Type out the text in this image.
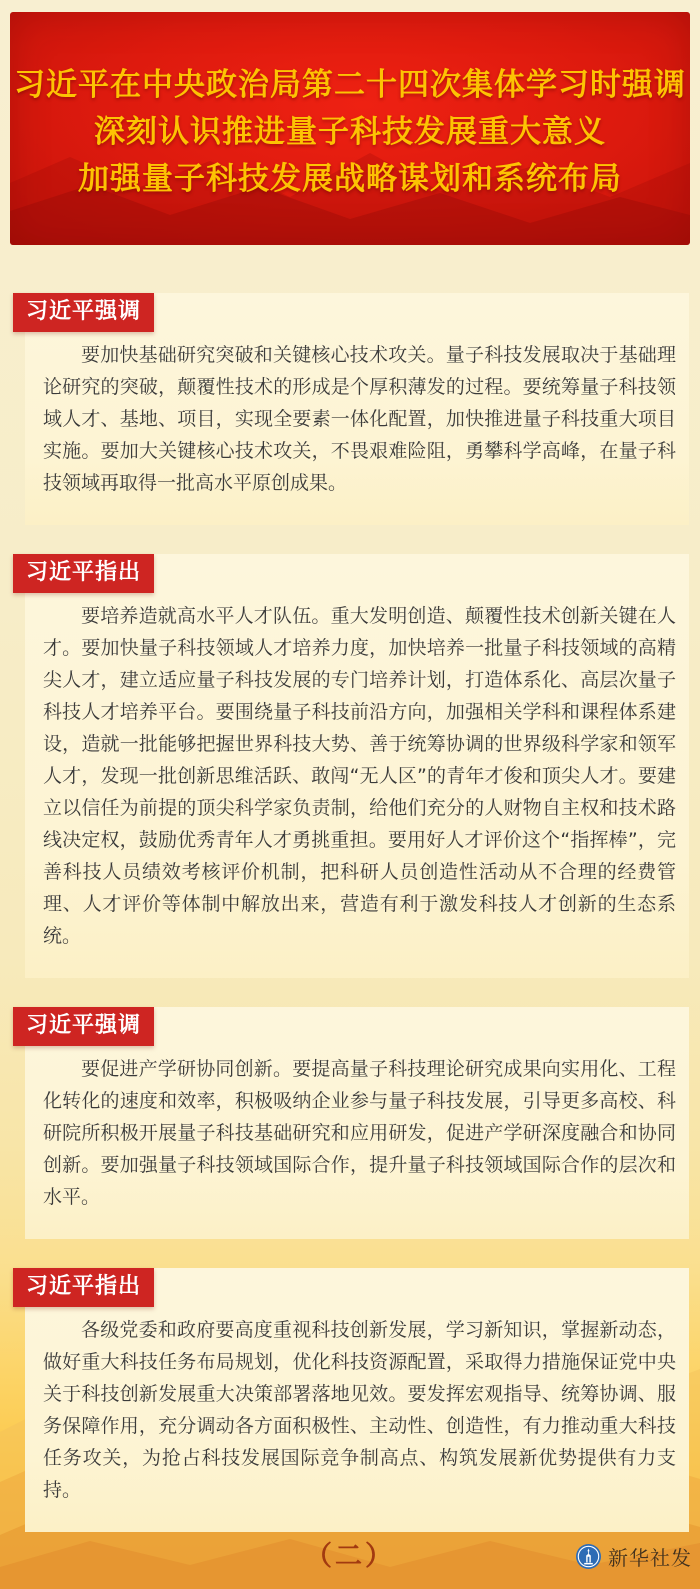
习近平在中央政治局第二十四次集体学习时强调
深刻认识推进量子科技发展重大意义
加强量子科技发展战略谋划和系统布局
习近平强调

要加快基础研究突破和关键核心技术攻关。量子科技发展取决于基础理论研究的突破，颠覆性技术的形成是个厚积薄发的过程。要统筹量子科技领域人才、基地、项目，实现全要素一体化配置，加快推进量子科技重大项目实施。要加大关键核心技术攻关，不畏艰难险阻，勇攀科学高峰，在量子科技领域再取得一批高水平原创成果。

习近平指出

要培养造就高水平人才队伍。重大发明创造、颠覆性技术创新关键在人才。要加快量子科技领域人才培养力度，加快培养一批量子科技领域的高精尖人才，建立适应量子科技发展的专门培养计划，打造体系化、高层次量子科技人才培养平台。要围绕量子科技前沿方向，加强相关学科和课程体系建设，造就一批能够把握世界科技大势、善于统筹协调的世界级科学家和领军人才，发现一批创新思维活跃、敢闯“无人区”的青年才俊和顶尖人才。要建立以信任为前提的顶尖科学家负责制，给他们充分的人财物自主权和技术路线决定权，鼓励优秀青年人才勇挑重担。要用好人才评价这个“指挥棒”，完善科技人员绩效考核评价机制，把科研人员创造性活动从不合理的经费管理、人才评价等体制中解放出来，营造有利于激发科技人才创新的生态系统。

习近平强调

要促进产学研协同创新。要提高量子科技理论研究成果向实用化、工程化转化的速度和效率，积极吸纳企业参与量子科技发展，引导更多高校、科研院所积极开展量子科技基础研究和应用研发，促进产学研深度融合和协同创新。要加强量子科技领域国际合作，提升量子科技领域国际合作的层次和水平。

习近平指出

各级党委和政府要高度重视科技创新发展，学习新知识，掌握新动态，做好重大科技任务布局规划，优化科技资源配置，采取得力措施保证党中央关于科技创新发展重大决策部署落地见效。要发挥宏观指导、统筹协调、服务保障作用，充分调动各方面积极性、主动性、创造性，有力推动重大科技任务攻关，为抢占科技发展国际竞争制高点、构筑发展新优势提供有力支持。

（二）	新华社发
